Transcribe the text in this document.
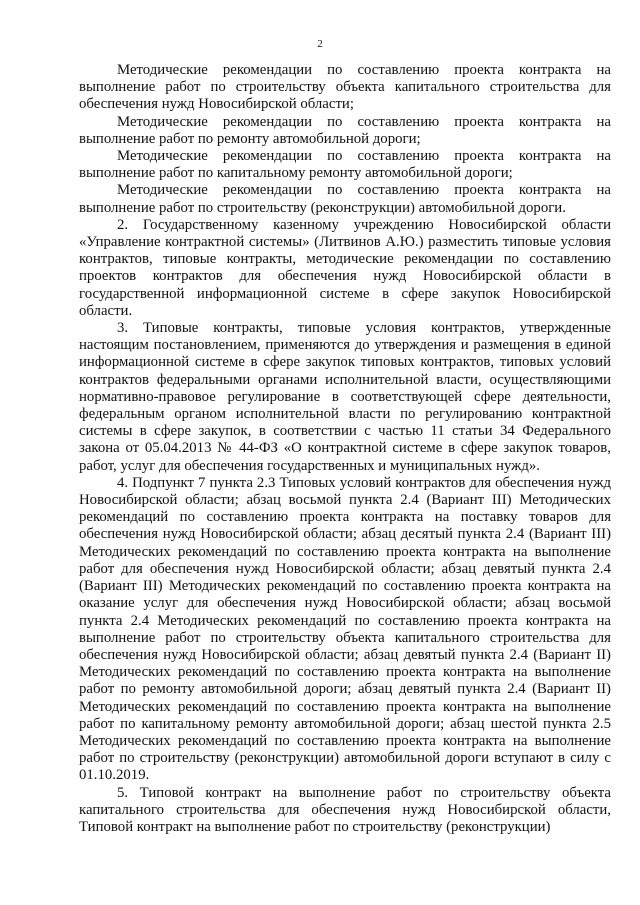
2

Методические рекомендации по составлению проекта контракта на выполнение работ по строительству объекта капитального строительства для обеспечения нужд Новосибирской области;

Методические рекомендации по составлению проекта контракта на выполнение работ по ремонту автомобильной дороги;

Методические рекомендации по составлению проекта контракта на выполнение работ по капитальному ремонту автомобильной дороги;

Методические рекомендации по составлению проекта контракта на выполнение работ по строительству (реконструкции) автомобильной дороги.

2. Государственному казенному учреждению Новосибирской области «Управление контрактной системы» (Литвинов А.Ю.) разместить типовые условия контрактов, типовые контракты, методические рекомендации по составлению проектов контрактов для обеспечения нужд Новосибирской области в государственной информационной системе в сфере закупок Новосибирской области.

3. Типовые контракты, типовые условия контрактов, утвержденные настоящим постановлением, применяются до утверждения и размещения в единой информационной системе в сфере закупок типовых контрактов, типовых условий контрактов федеральными органами исполнительной власти, осуществляющими нормативно-правовое регулирование в соответствующей сфере деятельности, федеральным органом исполнительной власти по регулированию контрактной системы в сфере закупок, в соответствии с частью 11 статьи 34 Федерального закона от 05.04.2013 № 44-ФЗ «О контрактной системе в сфере закупок товаров, работ, услуг для обеспечения государственных и муниципальных нужд».

4. Подпункт 7 пункта 2.3 Типовых условий контрактов для обеспечения нужд Новосибирской области; абзац восьмой пункта 2.4 (Вариант III) Методических рекомендаций по составлению проекта контракта на поставку товаров для обеспечения нужд Новосибирской области; абзац десятый пункта 2.4 (Вариант III) Методических рекомендаций по составлению проекта контракта на выполнение работ для обеспечения нужд Новосибирской области; абзац девятый пункта 2.4 (Вариант III) Методических рекомендаций по составлению проекта контракта на оказание услуг для обеспечения нужд Новосибирской области; абзац восьмой пункта 2.4 Методических рекомендаций по составлению проекта контракта на выполнение работ по строительству объекта капитального строительства для обеспечения нужд Новосибирской области; абзац девятый пункта 2.4 (Вариант II) Методических рекомендаций по составлению проекта контракта на выполнение работ по ремонту автомобильной дороги; абзац девятый пункта 2.4 (Вариант II) Методических рекомендаций по составлению проекта контракта на выполнение работ по капитальному ремонту автомобильной дороги; абзац шестой пункта 2.5 Методических рекомендаций по составлению проекта контракта на выполнение работ по строительству (реконструкции) автомобильной дороги вступают в силу с 01.10.2019.

5. Типовой контракт на выполнение работ по строительству объекта капитального строительства для обеспечения нужд Новосибирской области, Типовой контракт на выполнение работ по строительству (реконструкции)
